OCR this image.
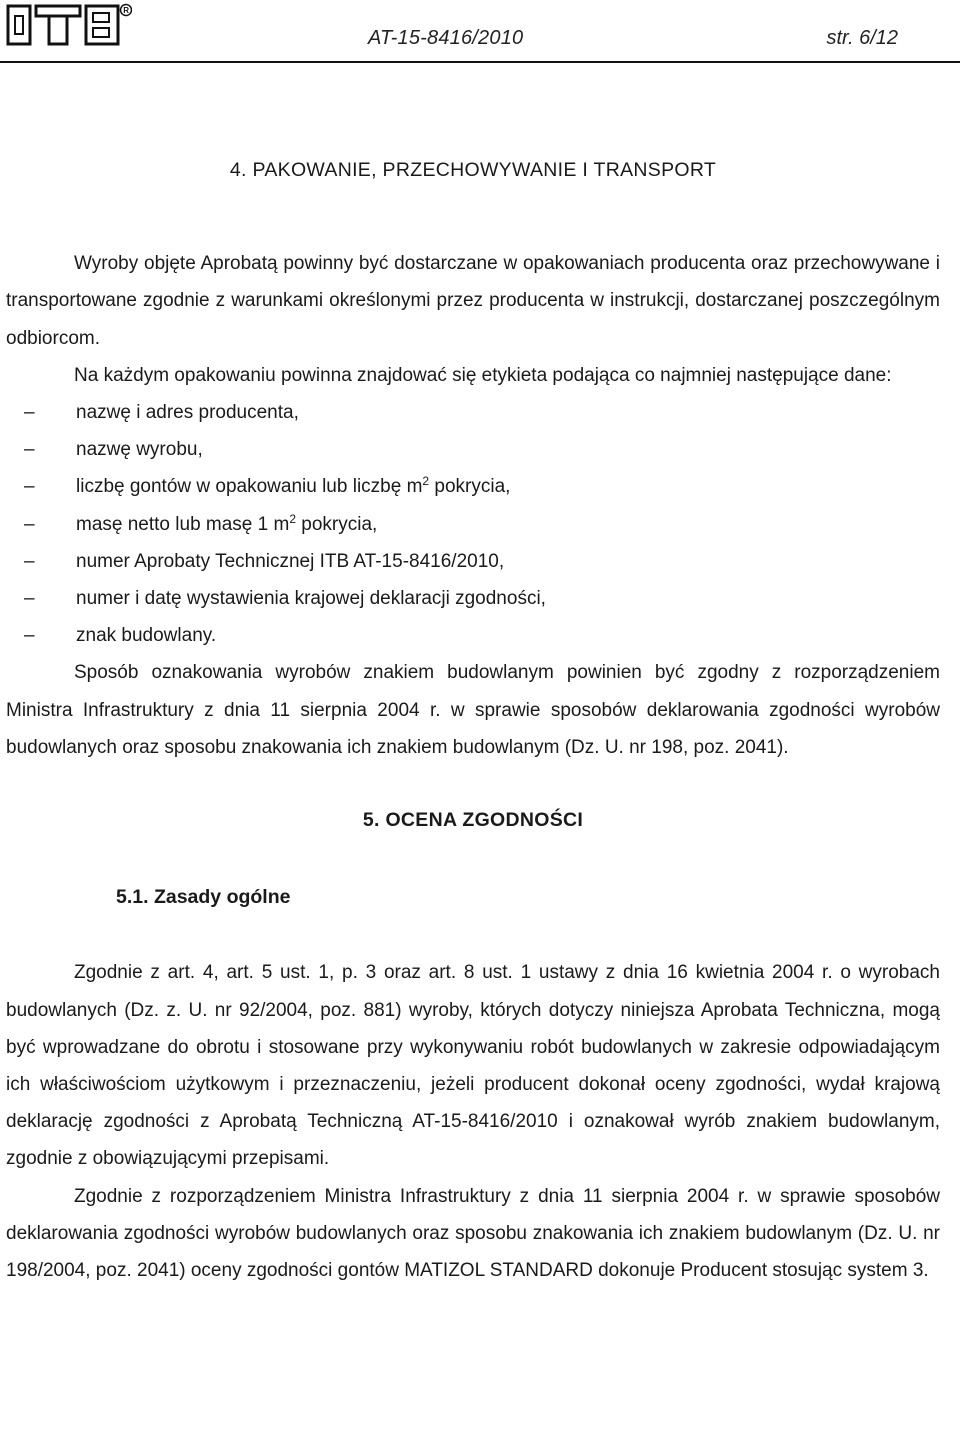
R
AT-15-8416/2010	str. 6/12
4. PAKOWANIE, PRZECHOWYWANIE I TRANSPORT

Wyroby objęte Aprobatą powinny być dostarczane w opakowaniach producenta oraz przechowywane i transportowane zgodnie z warunkami określonymi przez producenta w instrukcji, dostarczanej poszczególnym odbiorcom.

Na każdym opakowaniu powinna znajdować się etykieta podająca co najmniej następujące dane:

– nazwę i adres producenta,
– nazwę wyrobu,
– liczbę gontów w opakowaniu lub liczbę $m^2$ pokrycia,
– masę netto lub masę 1 $m^2$ pokrycia,
– numer Aprobaty Technicznej ITB AT-15-8416/2010,
– numer i datę wystawienia krajowej deklaracji zgodności,
– znak budowlany.

Sposób oznakowania wyrobów znakiem budowlanym powinien być zgodny z rozporządzeniem Ministra Infrastruktury z dnia 11 sierpnia 2004 r. w sprawie sposobów deklarowania zgodności wyrobów budowlanych oraz sposobu znakowania ich znakiem budowlanym (Dz. U. nr 198, poz. 2041).

5. OCENA ZGODNOŚCI
5.1. Zasady ogólne

Zgodnie z art. 4, art. 5 ust. 1, p. 3 oraz art. 8 ust. 1 ustawy z dnia 16 kwietnia 2004 r. o wyrobach budowlanych (Dz. z. U. nr 92/2004, poz. 881) wyroby, których dotyczy niniejsza Aprobata Techniczna, mogą być wprowadzane do obrotu i stosowane przy wykonywaniu robót budowlanych w zakresie odpowiadającym ich właściwościom użytkowym i przeznaczeniu, jeżeli producent dokonał oceny zgodności, wydał krajową deklarację zgodności z Aprobatą Techniczną AT-15-8416/2010 i oznakował wyrób znakiem budowlanym, zgodnie z obowiązującymi przepisami.

Zgodnie z rozporządzeniem Ministra Infrastruktury z dnia 11 sierpnia 2004 r. w sprawie sposobów deklarowania zgodności wyrobów budowlanych oraz sposobu znakowania ich znakiem budowlanym (Dz. U. nr 198/2004, poz. 2041) oceny zgodności gontów MATIZOL STANDARD dokonuje Producent stosując system 3.
